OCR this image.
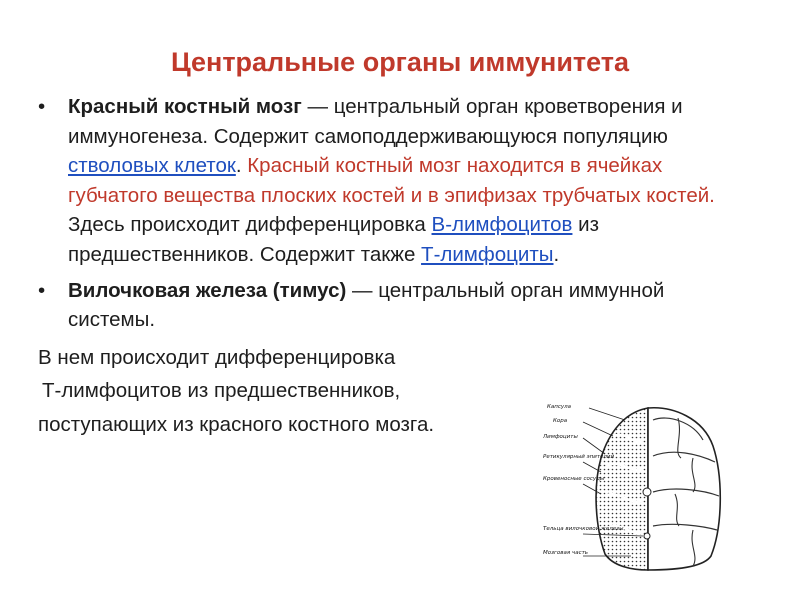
Центральные органы иммунитета
• Красный костный мозг — центральный орган кроветворения и иммуногенеза. Содержит самоподдерживающуюся популяцию стволовых клеток. Красный костный мозг находится в ячейках губчатого вещества плоских костей и в эпифизах трубчатых костей. Здесь происходит дифференцировка B-лимфоцитов из предшественников. Содержит также Т-лимфоциты.
• Вилочковая железа (тимус) — центральный орган иммунной системы.

В нем происходит дифференцировка

Т-лимфоцитов из предшественников,

поступающих из красного костного мозга.

Капсула
Кора
Лимфоциты
Ретикулярный эпителий
Кровеносные сосуды
Тельца вилочковой железы
Мозговая часть
